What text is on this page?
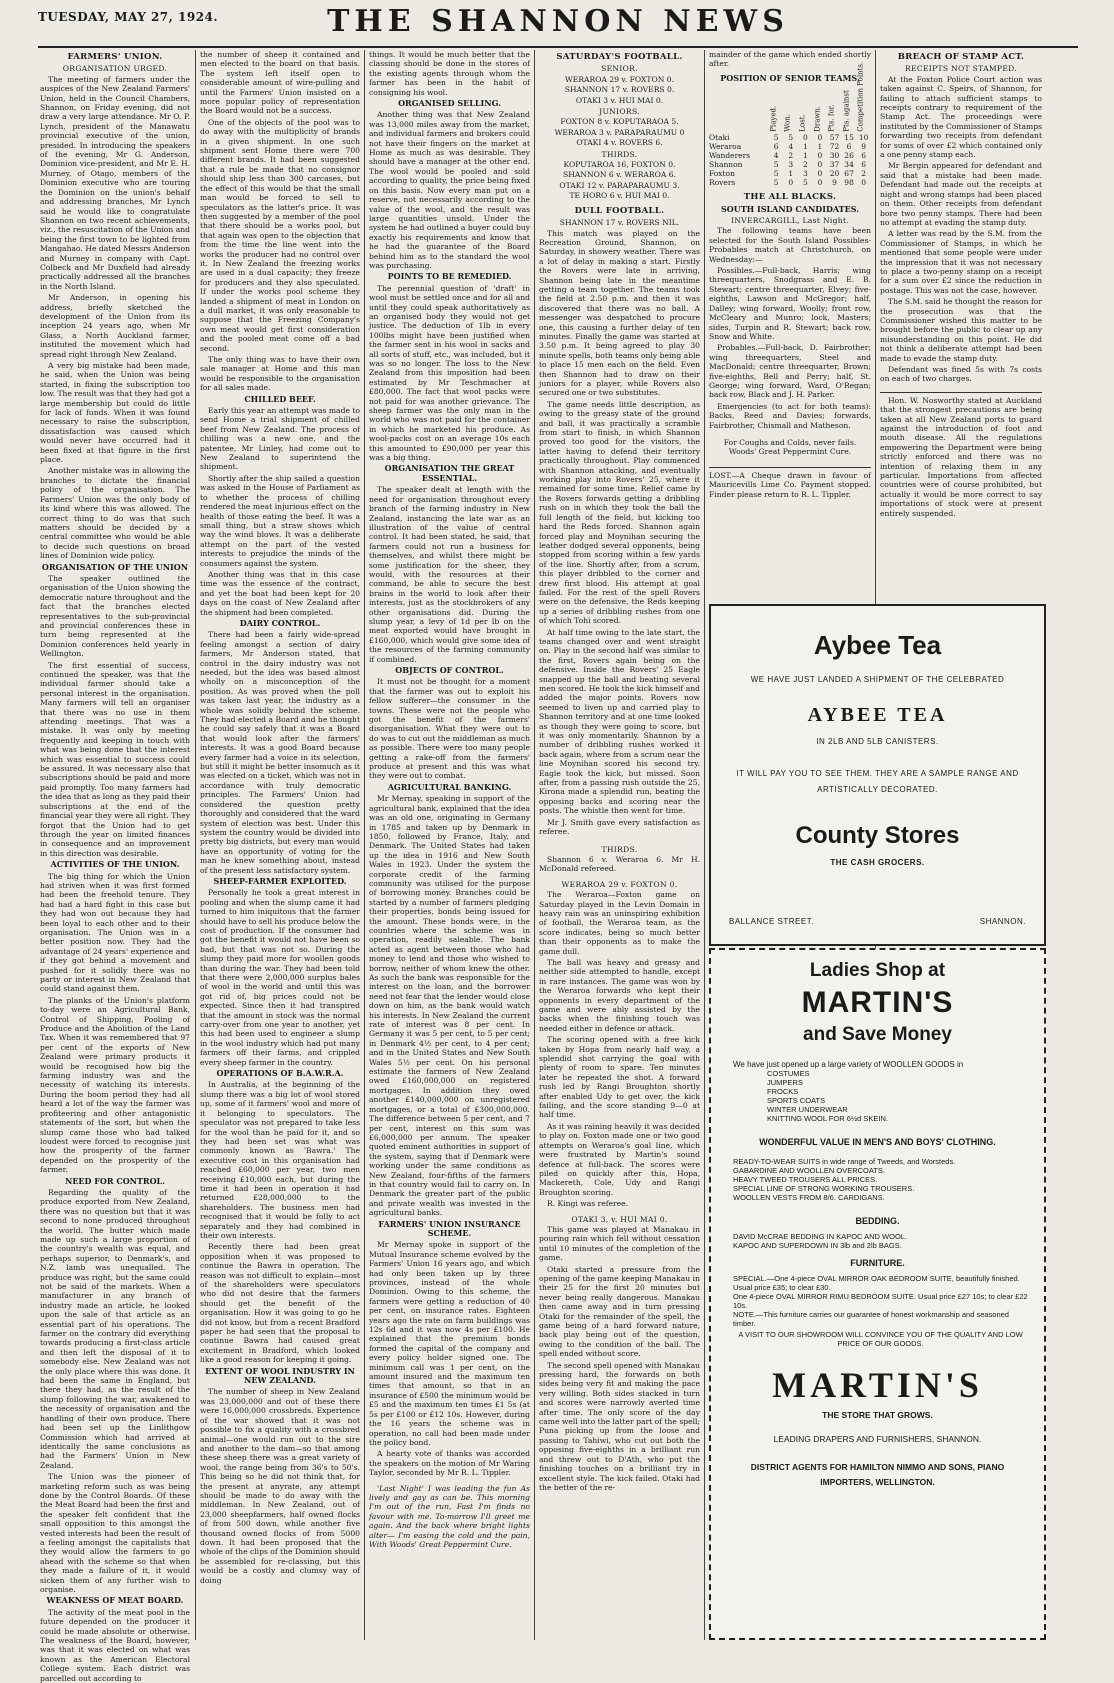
TUESDAY, MAY 27, 1924.	THE SHANNON NEWS
FARMERS' UNION.
ORGANISATION URGED.

The meeting of farmers under the auspices of the New Zealand Farmers' Union, held in the Council Chambers, Shannon, on Friday evening, did not draw a very large attendance. Mr O. P. Lynch, president of the Manawatu provincial executive of the union, presided. In introducing the speakers of the evening, Mr G. Anderson, Dominion vice-president, and Mr E. H. Murney, of Otago, members of the Dominion executive who are touring the Dominion on the union's behalf and addressing branches, Mr Lynch said he would like to congratulate Shannon on two recent achievements, viz., the resuscitation of the Union and being the first town to be lighted from Mangahao. He dated Messrs Anderson and Murney in company with Capt. Colbeck and Mr Duxfield had already practically addressed all the branches in the North Island.

Mr Anderson, in opening his address, briefly sketched the development of the Union from its inception 24 years ago, when Mr Glass, a North Auckland farmer, instituted the movement which had spread right through New Zealand.

A very big mistake had been made, he said, when the Union was being started, in fixing the subscription too low. The result was that they had got a large membership but could do little for lack of funds. When it was found necessary to raise the subscription, dissatisfaction was caused which would never have occurred had it been fixed at that figure in the first place.

Another mistake was in allowing the branches to dictate the financial policy of the organisation. The Farmers' Union was the only body of its kind where this was allowed. The correct thing to do was that such matters should be decided by a central committee who would be able to decide such questions on broad lines of Dominion wide policy.

ORGANISATION OF THE UNION

The speaker outlined the organisation of the Union showing the democratic nature throughout and the fact that the branches elected representatives to the sub-provincial and provincial conferences these in turn being represented at the Dominion conferences held yearly in Wellington.

The first essential of success, continued the speaker, was that the individual farmer should take a personal interest in the organisation. Many farmers will tell an organiser that there was no use in them attending meetings. That was a mistake. It was only by meeting frequently and keeping in touch with what was being done that the interest which was essential to success could be assured. It was necessary also that subscriptions should be paid and more paid promptly. Too many farmers had the idea that as long as they paid their subscriptions at the end of the financial year they were all right. They forgot that the Union had to get through the year on limited finances in consequence and an improvement in this direction was desirable.

ACTIVITIES OF THE UNION.

The big thing for which the Union had striven when it was first formed had been the freehold tenure. They had had a hard fight in this case but they had won out because they had been loyal to each other and to their organisation. The Union was in a better position now. They had the advantage of 24 years' experience and if they got behind a movement and pushed for it solidly there was no party or interest in New Zealand that could stand against them.

The planks of the Union's platform to-day were an Agricultural Bank, Control of Shipping, Pooling of Produce and the Abolition of the Land Tax. When it was remembered that 97 per cent of the exports of New Zealand were primary products it would be recognised how big the farming industry was and the necessity of watching its interests. During the boom period they had all heard a lot of the way the farmer was profiteering and other antagonistic statements of the sort, but when the slump came those who had talked loudest were forced to recognise just how the prosperity of the farmer depended on the prosperity of the farmer.

NEED FOR CONTROL.

Regarding the quality of the produce exported from New Zealand, there was no question but that it was second to none produced throughout the world. The butter which made made up such a large proportion of the country's wealth was equal, and perhaps superior, to Denmark's, and N.Z. lamb was unequalled. The produce was right, but the same could not be said of the markets. When a manufacturer in any branch of industry made an article, he looked upon the sale of that article as an essential part of his operations. The farmer on the contrary did everything towards producing a first-class article and then left the disposal of it to somebody else. New Zealand was not the only place where this was done. It had been the same in England, but there they had, as the result of the slump following the war, awakened to the necessity of organisation and the handling of their own produce. There had been set up the Linlithgow Commission which had arrived at identically the same conclusions as had the Farmers' Union in New Zealand.

The Union was the pioneer of marketing reform such as was being done by the Control Boards. Of these the Meat Board had been the first and the speaker felt confident that the small opposition to this amongst the vested interests had been the result of a feeling amongst the capitalists that they would allow the farmers to go ahead with the scheme so that when they made a failure of it, it would sicken them of any further wish to organise.

WEAKNESS OF MEAT BOARD.

The activity of the meat pool in the future depended on the producer it could be made absolute or otherwise. The weakness of the Board, however, was that it was elected on what was known as the American Electoral College system. Each district was parcelled out according to

the number of sheep it contained and men elected to the board on that basis. The system left itself open to considerable amount of wire-pulling and until the Farmers' Union insisted on a more popular policy of representation the Board would not be a success.

One of the objects of the pool was to do away with the multiplicity of brands in a given shipment. In one such shipment sent Home there were 700 different brands. It had been suggested that a rule be made that no consignor should ship less than 300 carcases, but the effect of this would be that the small man would be forced to sell to speculators as the latter's price. It was then suggested by a member of the pool that there should be a works pool, but that again was open to the objection that from the time the line went into the works the producer had no control over it. In New Zealand the freezing works are used in a dual capacity; they freeze for producers and they also speculated. If under the works pool scheme they landed a shipment of meat in London on a dull market, it was only reasonable to suppose that the Freezing Company's own meat would get first consideration and the pooled meat come off a bad second.

The only thing was to have their own sale manager at Home and this man would be responsible to the organisation for all sales made.

CHILLED BEEF.

Early this year an attempt was made to send Home a trial shipment of chilled beef from New Zealand. The process of chilling was a new one, and the patentee, Mr Linley, had come out to New Zealand to superintend the shipment.

Shortly after the ship sailed a question was asked in the House of Parliament as to whether the process of chilling rendered the meat injurious effect on the health of those eating the beef. It was a small thing, but a straw shows which way the wind blows. It was a deliberate attempt on the part of the vested interests to prejudice the minds of the consumers against the system.

Another thing was that in this case time was the essence of the contract, and yet the boat had been kept for 20 days on the coast of New Zealand after the shipment had been completed.

DAIRY CONTROL.

There had been a fairly wide-spread feeling amongst a section of dairy farmers, Mr Anderson stated, that control in the dairy industry was not needed, but the idea was based almost wholly on a misconception of the position. As was proved when the poll was taken last year, the industry as a whole was solidly behind the scheme. They had elected a Board and he thought he could say safely that it was a Board that would look after the farmers' interests. It was a good Board because every farmer had a voice in its selection, but still it might be better insomuch as it was elected on a ticket, which was not in accordance with truly democratic principles. The Farmers' Union had considered the question pretty thoroughly and considered that the ward system of election was best. Under this system the country would be divided into pretty big districts, but every man would have an opportunity of voting for the man he knew something about, instead of the present less satisfactory system.

SHEEP-FARMER EXPLOITED.

Personally he took a great interest in pooling and when the slump came it had turned to him iniquitous that the farmer should have to sell his produce below the cost of production. If the consumer had got the benefit it would not have been so bad, but that was not so. During the slump they paid more for woollen goods than during the war. They had been told that there were 2,000,000 surplus bales of wool in the world and until this was got rid of, big prices could not be expected. Since then it had transpired that the amount in stock was the normal carry-over from one year to another, yet this had been used to engineer a slump in the wool industry which had put many farmers off their farms, and crippled every sheep farmer in the country.

OPERATIONS OF B.A.W.R.A.

In Australia, at the beginning of the slump there was a big lot of wool stored up, some of it farmers' wool and more of it belonging to speculators. The speculator was not prepared to take less for the wool than he paid for it, and so they had been set was what was commonly known as 'Bawra.' The executive cost in this organisation had reached £60,000 per year, two men receiving £10,000 each, but during the time it had been in operation it had returned £28,000,000 to the shareholders. The business men had recognised that it would be folly to act separately and they had combined in their own interests.

Recently there had been great opposition when it was proposed to continue the Bawra in operation. The reason was not difficult to explain—most of the shareholders were speculators who did not desire that the farmers should get the benefit of the organisation. How it was going to go he did not know, but from a recent Bradford paper he had seen that the proposal to continue Bawra had caused great excitement in Bradford, which looked like a good reason for keeping it going.

EXTENT OF WOOL INDUSTRY IN NEW ZEALAND.

The number of sheep in New Zealand was 23,000,000 and out of these there were 16,000,000 crossbreds. Experience of the war showed that it was not possible to fix a quality with a crossbred animal—one would run out to the sire and another to the dam—so that among these sheep there was a great variety of wool, the range being from 36's to 50's. This being so he did not think that, for the present at anyrate, any attempt should be made to do away with the middleman. In New Zealand, out of 23,000 sheepfarmers, half owned flocks of from 500 down, while another five thousand owned flocks of from 5000 down. It had been proposed that the whole of the clips of the Dominion should be assembled for re-classing, but this would be a costly and clumsy way of doing

things. It would be much better that the classing should be done in the stores of the existing agents through whom the farmer has been in the habit of consigning his wool.

ORGANISED SELLING.

Another thing was that New Zealand was 13,000 miles away from the market, and individual farmers and brokers could not have their fingers on the market at Home as much as was desirable. They should have a manager at the other end. The wool would be pooled and sold according to quality, the price being fixed on this basis. Now every man put on a reserve, not necessarily according to the value of the wool, and the result was large quantities unsold. Under the system he had outlined a buyer could buy exactly his requirements and know that he had the guarantee of the Board behind him as to the standard the wool was purchasing.

POINTS TO BE REMEDIED.

The perennial question of 'draft' in wool must be settled once and for all and until they could speak authoritatively as an organised body they would not get justice. The deduction of 1lb in every 100lbs might have been justified when the farmer sent in his wool in sacks and all sorts of stuff, etc., was included, but it was so no longer. The loss to the New Zealand from this imposition had been estimated by Mr Teschmacher at £80,000. The fact that wool packs were not paid for was another grievance. The sheep farmer was the only man in the world who was not paid for the container in which he marketed his produce. As wool-packs cost on an average 10s each this amounted to £90,000 per year this was a big thing.

ORGANISATION THE GREAT ESSENTIAL.

The speaker dealt at length with the need for organisation throughout every branch of the farming industry in New Zealand, instancing the late war as an illustration of the value of central control. It had been stated, he said, that farmers could not run a business for themselves, and whilst there might be some justification for the sheer, they would, with the resources at their command, be able to secure the best brains in the world to look after their interests, just as the stockbrokers of any other organisations did. During the slump year, a levy of 1d per lb on the meat exported would have brought in £160,000, which would give some idea of the resources of the farming community if combined.

OBJECTS OF CONTROL.

It must not be thought for a moment that the farmer was out to exploit his fellow sufferer—the consumer in the towns. These were not the people who got the benefit of the farmers' disorganisation. What they were out to do was to cut out the middleman as much as possible. There were too many people getting a rake-off from the farmers' produce at present and this was what they were out to combat.

AGRICULTURAL BANKING.

Mr Mernay, speaking in support of the agricultural bank, explained that the idea was an old one, originating in Germany in 1785 and taken up by Denmark in 1850, followed by France, Italy, and Denmark. The United States had taken up the idea in 1916 and New South Wales in 1923. Under the system the corporate credit of the farming community was utilised for the purpose of borrowing money. Branches could be started by a number of farmers pledging their properties, bonds being issued for the amount. These bonds were, in the countries where the scheme was in operation, readily saleable. The bank acted as agent between those who had money to lend and those who wished to borrow, neither of whom knew the other. As such the bank was responsible for the interest on the loan, and the borrower need not fear that the lender would close down on him, as the bank would watch his interests. In New Zealand the current rate of interest was 8 per cent. In Germany it was 5 per cent, to 5 per cent; in Denmark 4½ per cent, to 4 per cent; and in the United States and New South Wales 5½ per cent. On his personal estimate the farmers of New Zealand owed £160,000,000 on registered mortgages. In addition they owed another £140,000,000 on unregistered mortgages, or a total of £300,000,000. The difference between 5 per cent, and 7 per cent, interest on this sum was £6,000,000 per annum. The speaker quoted eminent authorities in support of the system, saying that if Denmark were working under the same conditions as New Zealand, four-fifths of the farmers in that country would fail to carry on. In Denmark the greater part of the public and private wealth was invested in the agricultural banks.

FARMERS' UNION INSURANCE SCHEME.

Mr Mernay spoke in support of the Mutual Insurance scheme evolved by the Farmers' Union 16 years ago, and which had only been taken up by three provinces, instead of the whole Dominion. Owing to this scheme, the farmers were getting a reduction of 40 per cent, on insurance rates. Eighteen years ago the rate on farm buildings was 12s 6d and it was now 4s per £100. He explained that the premium bonds formed the capital of the company and every policy holder signed one. The minimum call was 1 per cent, on the amount insured and the maximum ten times that amount, so that in an insurance of £500 the minimum would be £5 and the maximum ten times £1 5s (at 5s per £100 or £12 10s. However, during the 16 years the scheme was in operation, no call had been made under the policy bond.

A hearty vote of thanks was accorded the speakers on the motion of Mr Waring Taylor, seconded by Mr R. L. Tippler.

'Last Night' I was leading the fun As lively and gay as can be. This morning I'm out of the run, Fast I'm finds no favour with me. To-morrow I'll greet me again. And the back where bright lights alter— I'm easing the cold and the pain, With Woods' Great Peppermint Cure.

SATURDAY'S FOOTBALL.
SENIOR.

WERAROA 29 v. FOXTON 0.

SHANNON 17 v. ROVERS 0.

OTAKI 3 v. HUI MAI 0.

JUNIORS.

FOXTON 8 v. KOPUTARAOA 5.

WERAROA 3 v. PARAPARAUMU 0

OTAKI 4 v. ROVERS 6.

THIRDS.

KOPUTAROA 16, FOXTON 0.

SHANNON 6 v. WERAROA 6.

OTAKI 12 v. PARAPARAUMU 3.

TE HORO 6 v. HUI MAI 0.

DULL FOOTBALL.

SHANNON 17 v. ROVERS NIL.

This match was played on the Recreation Ground, Shannon, on Saturday, in showery weather. There was a lot of delay in making a start. Firstly the Rovers were late in arriving, Shannon being late in the meantime getting a team together. The teams took the field at 2.50 p.m. and then it was discovered that there was no ball. A messenger was despatched to procure one, this causing a further delay of ten minutes. Finally the game was started at 3.50 p.m. It being agreed to play 30 minute spells, both teams only being able to place 15 men each on the field. Even then Shannon had to draw on their juniors for a player, while Rovers also secured one or two substitutes.

The game needs little description, as owing to the greasy state of the ground and ball, it was practically a scramble from start to finish, in which Shannon proved too good for the visitors, the latter having to defend their territory practically throughout. Play commenced with Shannon attacking, and eventually working play into Rovers' 25, where it remained for some time. Relief came by the Rovers forwards getting a dribbling rush on in which they took the ball the full length of the field, but kicking too hard the Reds forced. Shannon again forced play and Moynihan securing the leather dodged several opponents, being stopped from scoring within a few yards of the line. Shortly after, from a scrum, this player dribbled to the corner and drew first blood. His attempt at goal failed. For the rest of the spell Rovers were on the defensive, the Reds keeping up a series of dribbling rushes from one of which Tohi scored.

At half time owing to the late start, the teams changed over and went straight on. Play in the second half was similar to the first, Rovers again being on the defensive. Inside the Rovers' 25 Eagle snapped up the ball and beating several men scored. He took the kick himself and added the major points. Rovers now seemed to liven up and carried play to Shannon territory and at one time looked as though they were going to score, but it was only momentarily. Shannon by a number of dribbling rushes worked it back again, where from a scrum near the line Moynihan scored his second try. Eagle took the kick, but missed. Soon after, from a passing rush outside the 25, Kirona made a splendid run, beating the opposing backs and scoring near the posts. The whistle then went for time.

Mr J. Smith gave every satisfaction as referee.

THIRDS.

Shannon 6 v. Weraroa 6. Mr H. McDonald refereed.

WERAROA 29 v. FOXTON 0.

The Weraroa—Foxton game on Saturday played in the Levin Domain in heavy rain was an uninspiring exhibition of football, the Weraroa team, as the score indicates, being so much better than their opponents as to make the game dull.

The ball was heavy and greasy and neither side attempted to handle, except in rare instances. The game was won by the Weraroa forwards who kept their opponents in every department of the game and were ably assisted by the backs when the finishing touch was needed either in defence or attack.

The scoring opened with a free kick taken by Hopa from nearly half way, a splendid shot carrying the goal with plenty of room to spare. Ten minutes later he repeated the shot. A forward rush led by Rangi Broughton shortly after enabled Udy to get over, the kick failing, and the score standing 9—0 at half time.

As it was raining heavily it was decided to play on. Foxton made one or two good attempts on Weraroa's goal line, which were frustrated by Martin's sound defence at full-back. The scores were piled on quickly after this, Hopa, Mackereth, Cole, Udy and Rangi Broughton scoring.

R. Kingi was referee.

OTAKI 3, v. HUI MAI 0.

This game was played at Manakau in pouring rain which fell without cessation until 10 minutes of the completion of the game.

Otaki started a pressure from the opening of the game keeping Manakau in their 25 for the first 20 minutes but never being really dangerous. Manakau then came away and in turn pressing Otaki for the remainder of the spell, the game being of a hard forward nature, back play being out of the question, owing to the condition of the ball. The spell ended without score.

The second spell opened with Manakau pressing hard, the forwards on both sides being very fit and making the pace very willing. Both sides stacked in turn and scores were narrowly averted time after time. The only score of the day came well into the latter part of the spell; Puna picking up from the loose and passing to Tahiwi, who cut out both the opposing five-eighths in a brilliant run and threw out to D'Ath, who put the finishing touches on a brilliant try in excellent style. The kick failed. Otaki had the better of the re-

mainder of the game which ended shortly after.

POSITION OF SENIOR TEAMS.
	Played.	Won.	Lost.	Drawn.	Pts. for.	Pts. against	Competition Points.
Otaki	5	5	0	0	57	15	10
Weraroa	6	4	1	1	72	6	9
Wanderers	4	2	1	0	30	26	6
Shannon	5	3	2	0	37	34	6
Foxton	5	1	3	0	20	67	2
Rovers	5	0	5	0	9	98	0
THE ALL BLACKS.
SOUTH ISLAND CANDIDATES.
INVERCARGILL, Last Night.

The following teams have been selected for the South Island Possibles-Probables match at Christchurch, on Wednesday:—

Possibles.—Full-back, Harris; wing threequarters, Snodgrass and E. B. Stewart; centre threequarter, Elvey; five-eighths, Lawson and McGregor; half, Dalley; wing forward, Woolly; front row, McCleary and Munro; lock, Masters; sides, Turpin and R. Stewart; back row, Snow and White.

Probables.—Full-back, D. Fairbrother; wing threequarters, Steel and MacDonald; centre threequarter, Brown; five-eighths, Bell and Perry; half, St. George; wing forward, Ward, O'Regan; back row, Black and J. H. Parker.

Emergencies (to act for both teams): Backs, Reed and Davies; forwards, Fairbrother, Chismall and Matheson.

For Coughs and Colds, never fails. Woods' Great Peppermint Cure.

LOST.—A Cheque drawn in favour of Mauricevills Lime Co. Payment stopped. Finder please return to R. L. Tippler.

BREACH OF STAMP ACT.
RECEIPTS NOT STAMPED.

At the Foxton Police Court action was taken against C. Speirs, of Shannon, for failing to attach sufficient stamps to receipts contrary to requirement of the Stamp Act. The proceedings were instituted by the Commissioner of Stamps forwarding two receipts from defendant for sums of over £2 which contained only a one penny stamp each.

Mr Bergin appeared for defendant and said that a mistake had been made. Defendant had made out the receipts at night and wrong stamps had been placed on them. Other receipts from defendant bore two penny stamps. There had been no attempt at evading the stamp duty.

A letter was read by the S.M. from the Commissioner of Stamps, in which he mentioned that some people were under the impression that it was not necessary to place a two-penny stamp on a receipt for a sum over £2 since the reduction in postage. This was not the case, however.

The S.M. said he thought the reason for the prosecution was that the Commissioner wished this matter to be brought before the public to clear up any misunderstanding on this point. He did not think a deliberate attempt had been made to evade the stamp duty.

Defendant was fined 5s with 7s costs on each of two charges.

Hon. W. Nosworthy stated at Auckland that the strongest precautions are being taken at all New Zealand ports to guard against the introduction of foot and mouth disease. All the regulations empowering the Department were being strictly enforced and there was no intention of relaxing them in any particular. Importations from affected countries were of course prohibited, but actually it would be more correct to say importations of stock were at present entirely suspended.

Aybee Tea
WE HAVE JUST LANDED A SHIPMENT OF THE CELEBRATED
AYBEE TEA
IN 2LB AND 5LB CANISTERS.
IT WILL PAY YOU TO SEE THEM. THEY ARE A SAMPLE RANGE AND ARTISTICALLY DECORATED.
County Stores
THE CASH GROCERS.
BALLANCE STREET.	SHANNON.
Ladies Shop at
MARTIN'S
and Save Money
We have just opened up a large variety of WOOLLEN GOODS in
COSTUMES
JUMPERS
FROCKS
SPORTS COATS
WINTER UNDERWEAR
KNITTING WOOL FOR 6½d SKEIN.
WONDERFUL VALUE IN MEN'S AND BOYS' CLOTHING.
READY-TO-WEAR SUITS in wide range of Tweeds, and Worsteds.
GABARDINE AND WOOLLEN OVERCOATS.
HEAVY TWEED TROUSERS ALL PRICES.
SPECIAL LINE OF STRONG WORKING TROUSERS.
WOOLLEN VESTS FROM 8/6. CARDIGANS.
BEDDING.
DAVID McCRAE BEDDING IN KAPOC AND WOOL.
KAPOC AND SUPERDOWN IN 3lb and 2lb BAGS.
FURNITURE.
SPECIAL.—One 4-piece OVAL MIRROR OAK BEDROOM SUITE, beautifully finished. Usual price £35; to clear £30.
One 4-piece OVAL MIRROR RIMU BEDROOM SUITE. Usual price £27 10s; to clear £22 10s.
NOTE.—This furniture carries our guarantee of honest workmanship and seasoned timber.
A VISIT TO OUR SHOWROOM WILL CONVINCE YOU OF THE QUALITY AND LOW PRICE OF OUR GOODS.
MARTIN'S
THE STORE THAT GROWS.
LEADING DRAPERS AND FURNISHERS, SHANNON.
DISTRICT AGENTS FOR HAMILTON NIMMO AND SONS, PIANO IMPORTERS, WELLINGTON.
